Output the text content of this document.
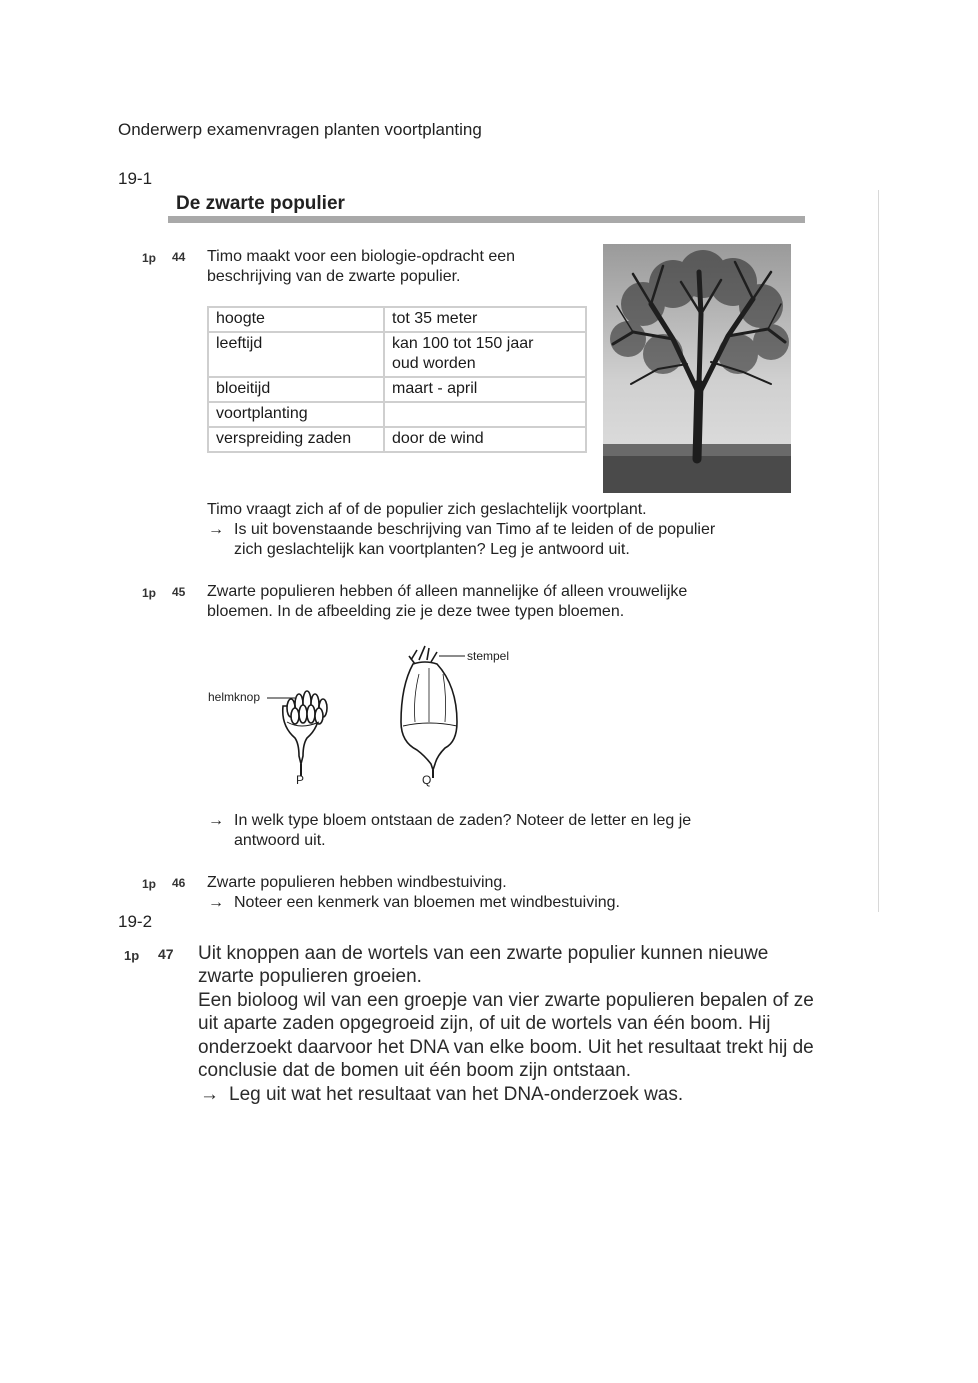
Onderwerp examenvragen planten voortplanting
19-1
De zwarte populier
1p 44 Timo maakt voor een biologie-opdracht een
beschrijving van de zwarte populier.
hoogte	tot 35 meter
leeftijd	kan 100 tot 150 jaar
oud worden
bloeitijd	maart - april
voortplanting	
verspreiding zaden	door de wind
Timo vraagt zich af of de populier zich geslachtelijk voortplant.
→ Is uit bovenstaande beschrijving van Timo af te leiden of de populier
zich geslachtelijk kan voortplanten? Leg je antwoord uit.
1p 45 Zwarte populieren hebben óf alleen mannelijke óf alleen vrouwelijke
bloemen. In de afbeelding zie je deze twee typen bloemen.
helmknop
stempel
P	Q
→ In welk type bloem ontstaan de zaden? Noteer de letter en leg je
antwoord uit.
1p 46 Zwarte populieren hebben windbestuiving.
→ Noteer een kenmerk van bloemen met windbestuiving.
19-2
1p 47 Uit knoppen aan de wortels van een zwarte populier kunnen nieuwe
zwarte populieren groeien.
Een bioloog wil van een groepje van vier zwarte populieren bepalen of ze
uit aparte zaden opgegroeid zijn, of uit de wortels van één boom. Hij
onderzoekt daarvoor het DNA van elke boom. Uit het resultaat trekt hij de
conclusie dat de bomen uit één boom zijn ontstaan.
→ Leg uit wat het resultaat van het DNA-onderzoek was.
